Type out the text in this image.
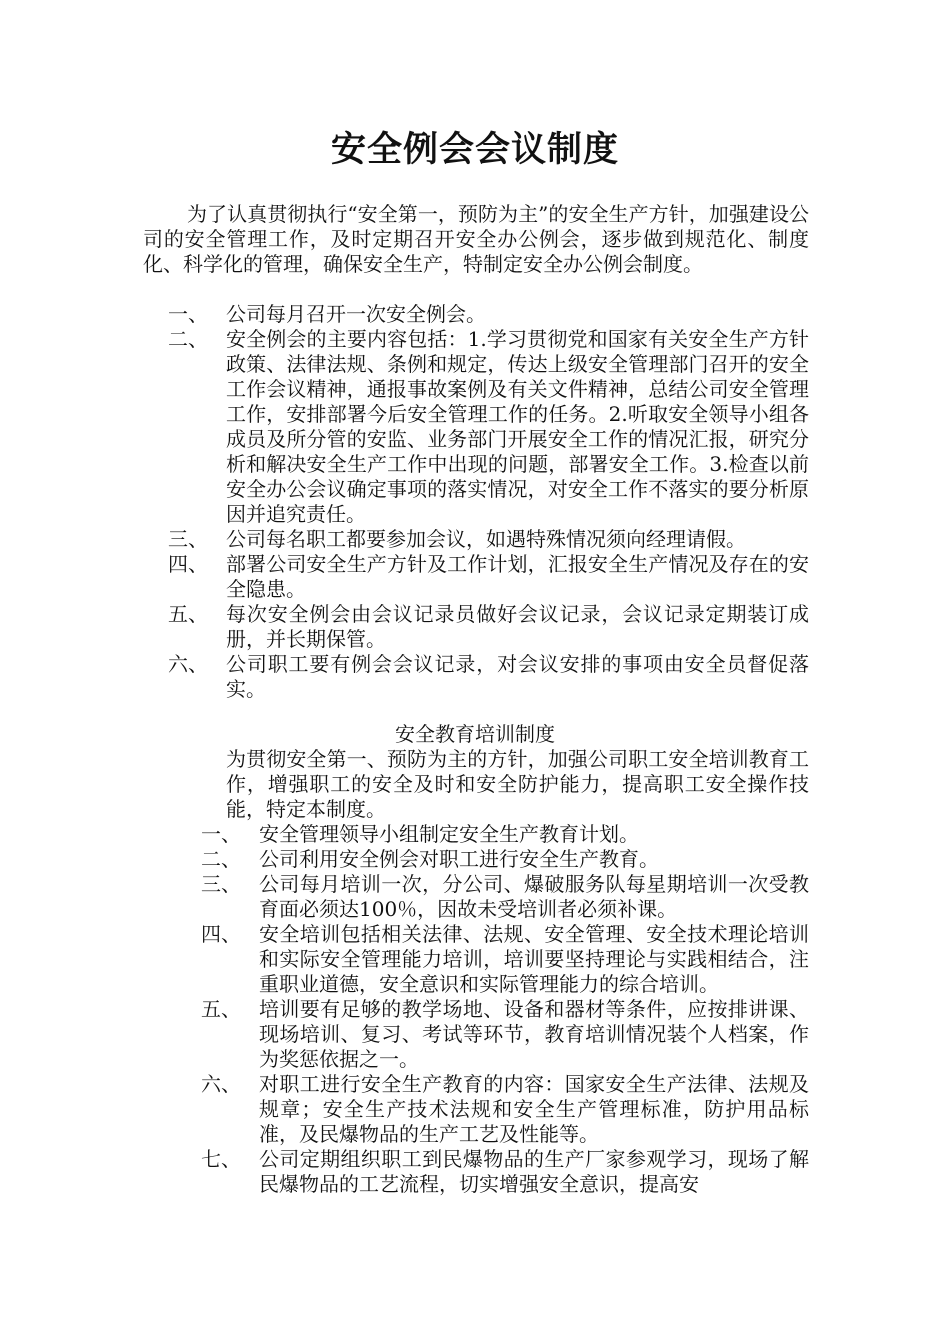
安全例会会议制度
为了认真贯彻执行“安全第一，预防为主”的安全生产方针，加强建设公司的安全管理工作，及时定期召开安全办公例会，逐步做到规范化、制度化、科学化的管理，确保安全生产，特制定安全办公例会制度。
一、 公司每月召开一次安全例会。
二、 安全例会的主要内容包括：1.学习贯彻党和国家有关安全生产方针政策、法律法规、条例和规定，传达上级安全管理部门召开的安全工作会议精神，通报事故案例及有关文件精神，总结公司安全管理工作，安排部署今后安全管理工作的任务。2.听取安全领导小组各成员及所分管的安监、业务部门开展安全工作的情况汇报，研究分析和解决安全生产工作中出现的问题，部署安全工作。3.检查以前安全办公会议确定事项的落实情况，对安全工作不落实的要分析原因并追究责任。
三、 公司每名职工都要参加会议，如遇特殊情况须向经理请假。
四、 部署公司安全生产方针及工作计划，汇报安全生产情况及存在的安全隐患。
五、 每次安全例会由会议记录员做好会议记录，会议记录定期装订成册，并长期保管。
六、 公司职工要有例会会议记录，对会议安排的事项由安全员督促落实。
安全教育培训制度
为贯彻安全第一、预防为主的方针，加强公司职工安全培训教育工作，增强职工的安全及时和安全防护能力，提高职工安全操作技能，特定本制度。
一、 安全管理领导小组制定安全生产教育计划。
二、 公司利用安全例会对职工进行安全生产教育。
三、 公司每月培训一次，分公司、爆破服务队每星期培训一次受教育面必须达100％，因故未受培训者必须补课。
四、 安全培训包括相关法律、法规、安全管理、安全技术理论培训和实际安全管理能力培训，培训要坚持理论与实践相结合，注重职业道德，安全意识和实际管理能力的综合培训。
五、 培训要有足够的教学场地、设备和器材等条件，应按排讲课、现场培训、复习、考试等环节，教育培训情况装个人档案，作为奖惩依据之一。
六、 对职工进行安全生产教育的内容：国家安全生产法律、法规及规章；安全生产技术法规和安全生产管理标准，防护用品标准，及民爆物品的生产工艺及性能等。
七、 公司定期组织职工到民爆物品的生产厂家参观学习，现场了解民爆物品的工艺流程，切实增强安全意识，提高安
